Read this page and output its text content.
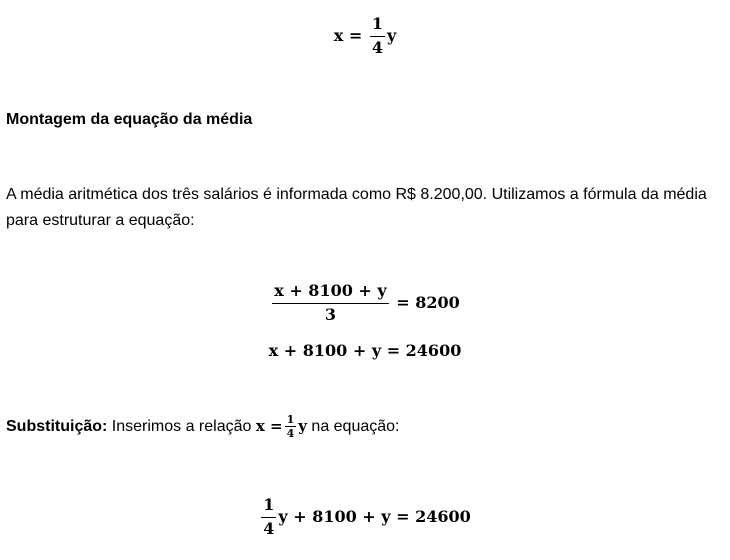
$x = \frac{1}{4}$ y
Montagem da equação da média
A média aritmética dos três salários é informada como R$ 8.200,00. Utilizamos a fórmula da média para estruturar a equação:
$\frac{x + 8100 + y}{3} = 8200$
x + 8100 + y = 24600
Substituição: Inserimos a relação $x = \frac{1}{4}$ y na equação:
$\frac{1}{4}$ y + 8100 + y = 24600
